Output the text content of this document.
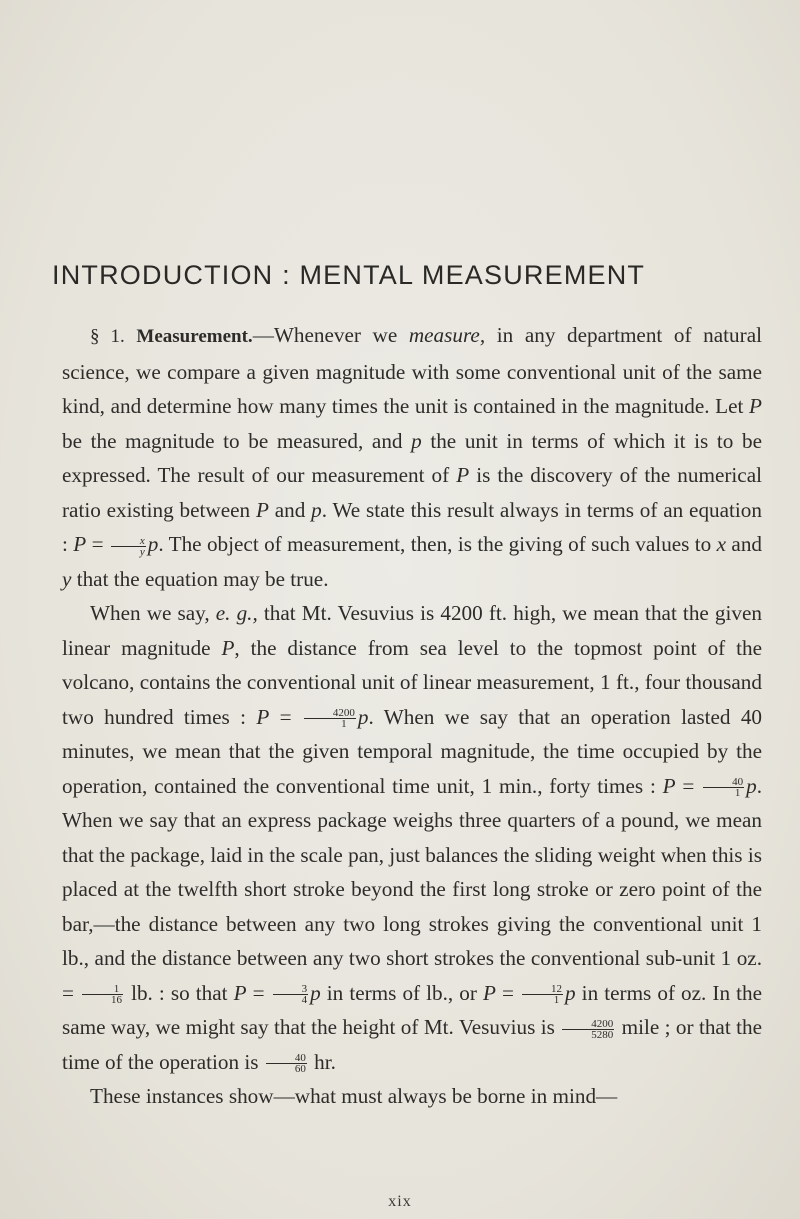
INTRODUCTION : MENTAL MEASUREMENT

§ 1. Measurement.—Whenever we measure, in any department of natural science, we compare a given magnitude with some conventional unit of the same kind, and determine how many times the unit is contained in the magnitude. Let P be the magnitude to be measured, and p the unit in terms of which it is to be expressed. The result of our measurement of P is the discovery of the numerical ratio existing between P and p. We state this result always in terms of an equation : $P = \frac{x}{y} p$. The object of measurement, then, is the giving of such values to x and y that the equation may be true.

When we say, e. g., that Mt. Vesuvius is 4200 ft. high, we mean that the given linear magnitude P, the distance from sea level to the topmost point of the volcano, contains the conventional unit of linear measurement, 1 ft., four thousand two hundred times : $P = \frac{4200}{1} p$. When we say that an operation lasted 40 minutes, we mean that the given temporal magnitude, the time occupied by the operation, contained the conventional time unit, 1 min., forty times : $P = \frac{40}{1} p$. When we say that an express package weighs three quarters of a pound, we mean that the package, laid in the scale pan, just balances the sliding weight when this is placed at the twelfth short stroke beyond the first long stroke or zero point of the bar,—the distance between any two long strokes giving the conventional unit 1 lb., and the distance between any two short strokes the conventional sub-unit 1 oz. = $\frac{1}{16}$ lb. : so that $P = \frac{3}{4}$ p in terms of lb., or $P = \frac{12}{1}$ p in terms of oz. In the same way, we might say that the height of Mt. Vesuvius is $\frac{4200}{5280}$ mile ; or that the time of the operation is $\frac{40}{60}$ hr.

These instances show—what must always be borne in mind—

xix
